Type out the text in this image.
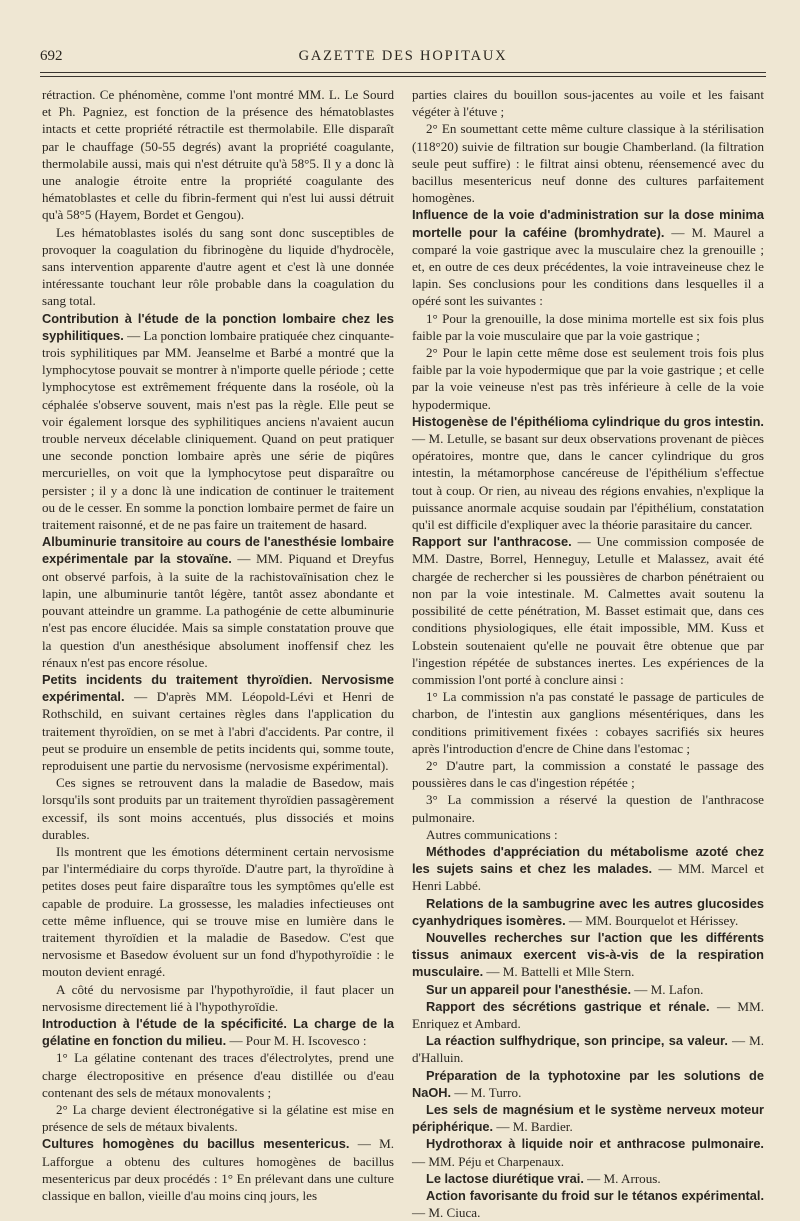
692	GAZETTE DES HOPITAUX

rétraction. Ce phénomène, comme l'ont montré MM. L. Le Sourd et Ph. Pagniez, est fonction de la présence des hématoblastes intacts et cette propriété rétractile est thermolabile. Elle disparaît par le chauffage (50-55 degrés) avant la propriété coagulante, thermolabile aussi, mais qui n'est détruite qu'à 58°5. Il y a donc là une analogie étroite entre la propriété coagulante des hématoblastes et celle du fibrin-ferment qui n'est lui aussi détruit qu'à 58°5 (Hayem, Bordet et Gengou).

Les hématoblastes isolés du sang sont donc susceptibles de provoquer la coagulation du fibrinogène du liquide d'hydrocèle, sans intervention apparente d'autre agent et c'est là une donnée intéressante touchant leur rôle probable dans la coagulation du sang total.

Contribution à l'étude de la ponction lombaire chez les syphilitiques. — La ponction lombaire pratiquée chez cinquante-trois syphilitiques par MM. Jeanselme et Barbé a montré que la lymphocytose pouvait se montrer à n'importe quelle période ; cette lymphocytose est extrêmement fréquente dans la roséole, où la céphalée s'observe souvent, mais n'est pas la règle. Elle peut se voir également lorsque des syphilitiques anciens n'avaient aucun trouble nerveux décelable cliniquement. Quand on peut pratiquer une seconde ponction lombaire après une série de piqûres mercurielles, on voit que la lymphocytose peut disparaître ou persister ; il y a donc là une indication de continuer le traitement ou de le cesser. En somme la ponction lombaire permet de faire un traitement raisonné, et de ne pas faire un traitement de hasard.

Albuminurie transitoire au cours de l'anesthésie lombaire expérimentale par la stovaïne. — MM. Piquand et Dreyfus ont observé parfois, à la suite de la rachistovaïnisation chez le lapin, une albuminurie tantôt légère, tantôt assez abondante et pouvant atteindre un gramme. La pathogénie de cette albuminurie n'est pas encore élucidée. Mais sa simple constatation prouve que la question d'un anesthésique absolument inoffensif chez les rénaux n'est pas encore résolue.

Petits incidents du traitement thyroïdien. Nervosisme expérimental. — D'après MM. Léopold-Lévi et Henri de Rothschild, en suivant certaines règles dans l'application du traitement thyroïdien, on se met à l'abri d'accidents. Par contre, il peut se produire un ensemble de petits incidents qui, somme toute, reproduisent une partie du nervosisme (nervosisme expérimental).

Ces signes se retrouvent dans la maladie de Basedow, mais lorsqu'ils sont produits par un traitement thyroïdien passagèrement excessif, ils sont moins accentués, plus dissociés et moins durables.

Ils montrent que les émotions déterminent certain nervosisme par l'intermédiaire du corps thyroïde. D'autre part, la thyroïdine à petites doses peut faire disparaître tous les symptômes qu'elle est capable de produire. La grossesse, les maladies infectieuses ont cette même influence, qui se trouve mise en lumière dans le traitement thyroïdien et la maladie de Basedow. C'est que nervosisme et Basedow évoluent sur un fond d'hypothyroïdie : le mouton devient enragé.

A côté du nervosisme par l'hypothyroïdie, il faut placer un nervosisme directement lié à l'hypothyroïdie.

Introduction à l'étude de la spécificité. La charge de la gélatine en fonction du milieu. — Pour M. H. Iscovesco :

1° La gélatine contenant des traces d'électrolytes, prend une charge électropositive en présence d'eau distillée ou d'eau contenant des sels de métaux monovalents ;

2° La charge devient électronégative si la gélatine est mise en présence de sels de métaux bivalents.

Cultures homogènes du bacillus mesentericus. — M. Lafforgue a obtenu des cultures homogènes de bacillus mesentericus par deux procédés : 1° En prélevant dans une culture classique en ballon, vieille d'au moins cinq jours, les

parties claires du bouillon sous-jacentes au voile et les faisant végéter à l'étuve ;

2° En soumettant cette même culture classique à la stérilisation (118°20) suivie de filtration sur bougie Chamberland. (la filtration seule peut suffire) : le filtrat ainsi obtenu, réensemencé avec du bacillus mesentericus neuf donne des cultures parfaitement homogènes.

Influence de la voie d'administration sur la dose minima mortelle pour la caféine (bromhydrate). — M. Maurel a comparé la voie gastrique avec la musculaire chez la grenouille ; et, en outre de ces deux précédentes, la voie intraveineuse chez le lapin. Ses conclusions pour les conditions dans lesquelles il a opéré sont les suivantes :

1° Pour la grenouille, la dose minima mortelle est six fois plus faible par la voie musculaire que par la voie gastrique ;

2° Pour le lapin cette même dose est seulement trois fois plus faible par la voie hypodermique que par la voie gastrique ; et celle par la voie veineuse n'est pas très inférieure à celle de la voie hypodermique.

Histogenèse de l'épithélioma cylindrique du gros intestin. — M. Letulle, se basant sur deux observations provenant de pièces opératoires, montre que, dans le cancer cylindrique du gros intestin, la métamorphose cancéreuse de l'épithélium s'effectue tout à coup. Or rien, au niveau des régions envahies, n'explique la puissance anormale acquise soudain par l'épithélium, constatation qu'il est difficile d'expliquer avec la théorie parasitaire du cancer.

Rapport sur l'anthracose. — Une commission composée de MM. Dastre, Borrel, Henneguy, Letulle et Malassez, avait été chargée de rechercher si les poussières de charbon pénétraient ou non par la voie intestinale. M. Calmettes avait soutenu la possibilité de cette pénétration, M. Basset estimait que, dans ces conditions physiologiques, elle était impossible, MM. Kuss et Lobstein soutenaient qu'elle ne pouvait être obtenue que par l'ingestion répétée de substances inertes. Les expériences de la commission l'ont porté à conclure ainsi :

1° La commission n'a pas constaté le passage de particules de charbon, de l'intestin aux ganglions mésentériques, dans les conditions primitivement fixées : cobayes sacrifiés six heures après l'introduction d'encre de Chine dans l'estomac ;

2° D'autre part, la commission a constaté le passage des poussières dans le cas d'ingestion répétée ;

3° La commission a réservé la question de l'anthracose pulmonaire.

Autres communications :

Méthodes d'appréciation du métabolisme azoté chez les sujets sains et chez les malades. — MM. Marcel et Henri Labbé.

Relations de la sambugrine avec les autres glucosides cyanhydriques isomères. — MM. Bourquelot et Hérissey.

Nouvelles recherches sur l'action que les différents tissus animaux exercent vis-à-vis de la respiration musculaire. — M. Battelli et Mlle Stern.

Sur un appareil pour l'anesthésie. — M. Lafon.

Rapport des sécrétions gastrique et rénale. — MM. Enriquez et Ambard.

La réaction sulfhydrique, son principe, sa valeur. — M. d'Halluin.

Préparation de la typhotoxine par les solutions de NaOH. — M. Turro.

Les sels de magnésium et le système nerveux moteur périphérique. — M. Bardier.

Hydrothorax à liquide noir et anthracose pulmonaire. — MM. Péju et Charpenaux.

Le lactose diurétique vrai. — M. Arrous.

Action favorisante du froid sur le tétanos expérimental. — M. Ciuca.
